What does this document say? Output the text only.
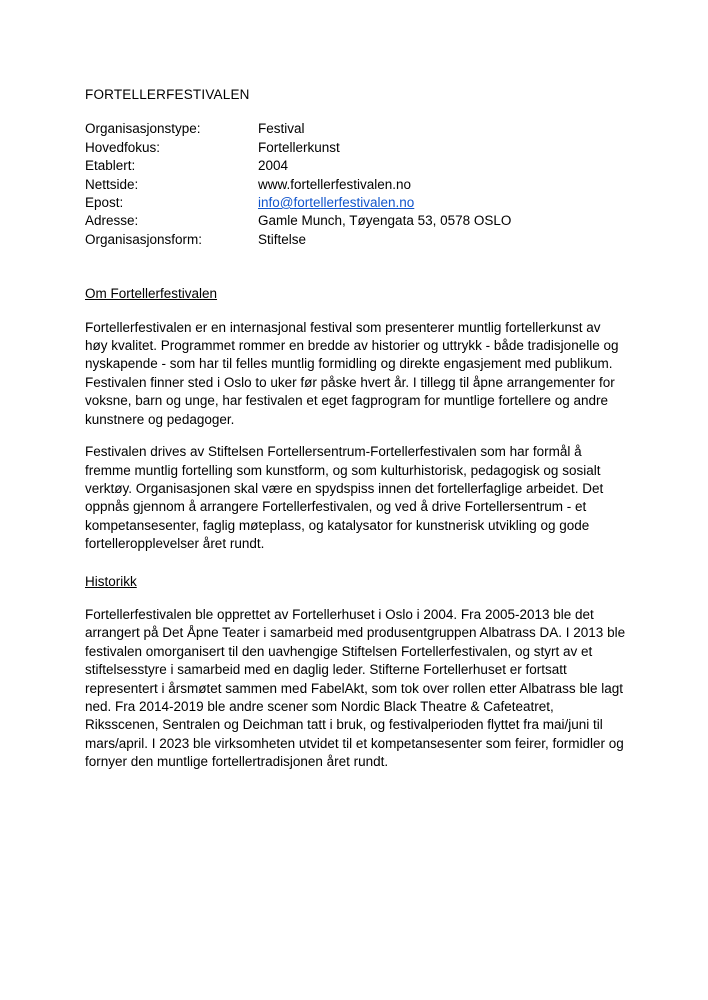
FORTELLERFESTIVALEN
Organisasjonstype:	Festival
Hovedfokus:	Fortellerkunst
Etablert:	2004
Nettside:	www.fortellerfestivalen.no
Epost:	info@fortellerfestivalen.no
Adresse:	Gamle Munch, Tøyengata 53, 0578 OSLO
Organisasjonsform:	Stiftelse
Om Fortellerfestivalen

Fortellerfestivalen er en internasjonal festival som presenterer muntlig fortellerkunst av høy kvalitet. Programmet rommer en bredde av historier og uttrykk - både tradisjonelle og nyskapende - som har til felles muntlig formidling og direkte engasjement med publikum. Festivalen finner sted i Oslo to uker før påske hvert år. I tillegg til åpne arrangementer for voksne, barn og unge, har festivalen et eget fagprogram for muntlige fortellere og andre kunstnere og pedagoger.

Festivalen drives av Stiftelsen Fortellersentrum-Fortellerfestivalen som har formål å fremme muntlig fortelling som kunstform, og som kulturhistorisk, pedagogisk og sosialt verktøy. Organisasjonen skal være en spydspiss innen det fortellerfaglige arbeidet. Det oppnås gjennom å arrangere Fortellerfestivalen, og ved å drive Fortellersentrum - et kompetansesenter, faglig møteplass, og katalysator for kunstnerisk utvikling og gode fortelleropplevelser året rundt.

Historikk

Fortellerfestivalen ble opprettet av Fortellerhuset i Oslo i 2004. Fra 2005-2013 ble det arrangert på Det Åpne Teater i samarbeid med produsentgruppen Albatrass DA. I 2013 ble festivalen omorganisert til den uavhengige Stiftelsen Fortellerfestivalen, og styrt av et stiftelsesstyre i samarbeid med en daglig leder. Stifterne Fortellerhuset er fortsatt representert i årsmøtet sammen med FabelAkt, som tok over rollen etter Albatrass ble lagt ned. Fra 2014-2019 ble andre scener som Nordic Black Theatre & Cafeteatret, Riksscenen, Sentralen og Deichman tatt i bruk, og festivalperioden flyttet fra mai/juni til mars/april. I 2023 ble virksomheten utvidet til et kompetansesenter som feirer, formidler og fornyer den muntlige fortellertradisjonen året rundt.
